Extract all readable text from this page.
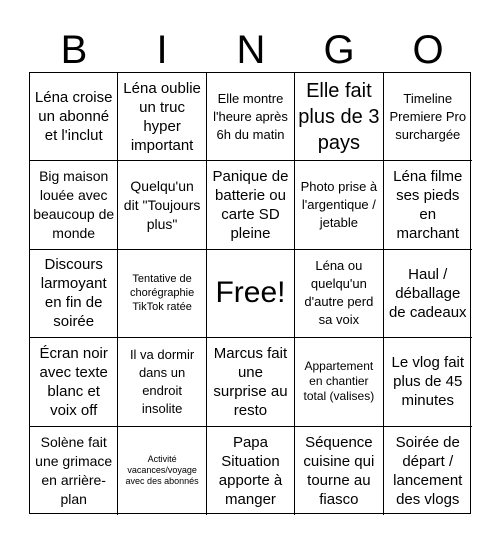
B	I	N	G	O
Léna croise un abonné et l'inclut
Léna oublie un truc hyper important
Elle montre l'heure après 6h du matin
Elle fait plus de 3 pays
Timeline Premiere Pro surchargée
Big maison louée avec beaucoup de monde
Quelqu'un dit "Toujours plus"
Panique de batterie ou carte SD pleine
Photo prise à l'argentique / jetable
Léna filme ses pieds en marchant
Discours larmoyant en fin de soirée
Tentative de chorégraphie TikTok ratée Free!
Léna ou quelqu'un d'autre perd sa voix
Haul / déballage de cadeaux
Écran noir avec texte blanc et voix off
Il va dormir dans un endroit insolite
Marcus fait une surprise au resto
Appartement en chantier total (valises)
Le vlog fait plus de 45 minutes
Solène fait une grimace en arrière-plan
Activité vacances/voyage avec des abonnés
Papa Situation apporte à manger
Séquence cuisine qui tourne au fiasco
Soirée de départ / lancement des vlogs
